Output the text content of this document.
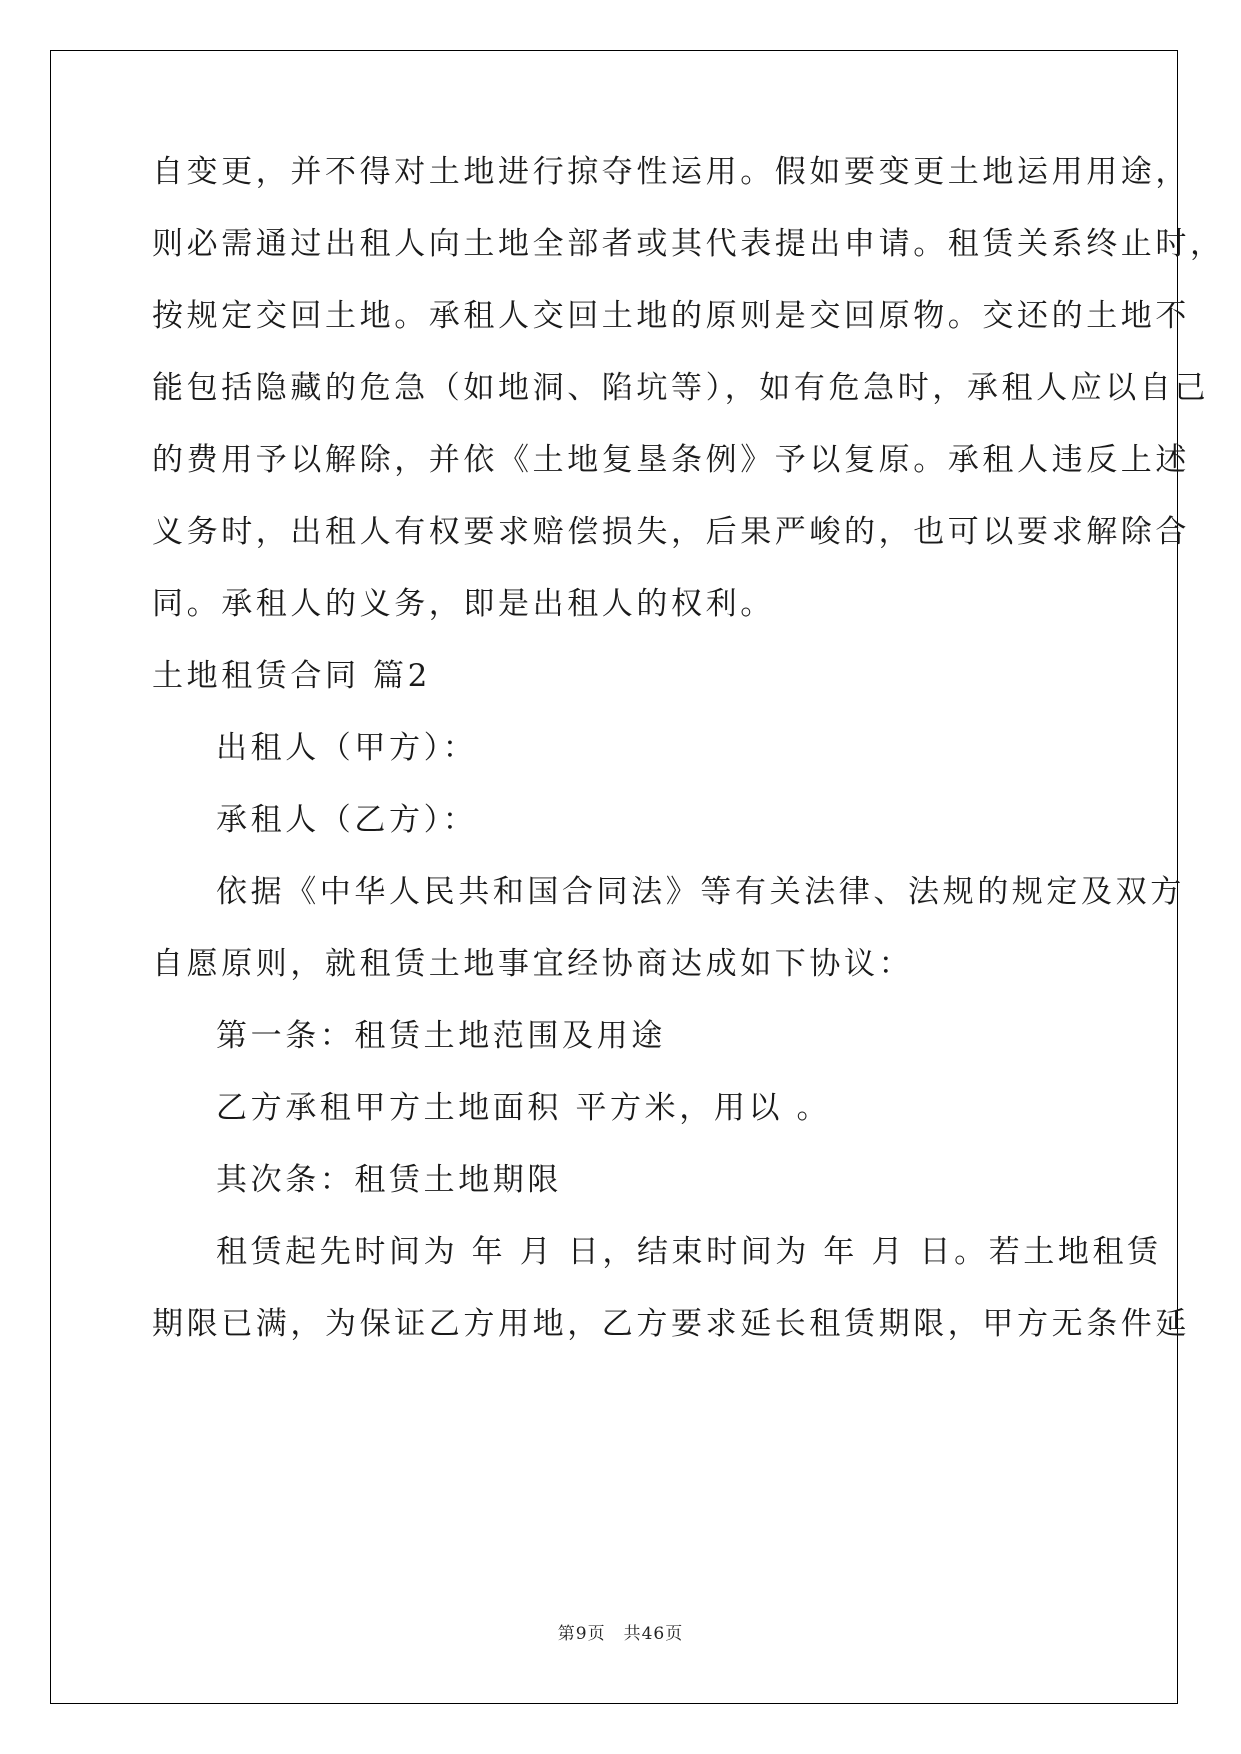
自变更，并不得对土地进行掠夺性运用。假如要变更土地运用用途，
则必需通过出租人向土地全部者或其代表提出申请。租赁关系终止时，
按规定交回土地。承租人交回土地的原则是交回原物。交还的土地不
能包括隐藏的危急（如地洞、陷坑等），如有危急时，承租人应以自己
的费用予以解除，并依《土地复垦条例》予以复原。承租人违反上述
义务时，出租人有权要求赔偿损失，后果严峻的，也可以要求解除合
同。承租人的义务，即是出租人的权利。
土地租赁合同 篇2
出租人（甲方）：
承租人（乙方）：
依据《中华人民共和国合同法》等有关法律、法规的规定及双方
自愿原则，就租赁土地事宜经协商达成如下协议：
第一条：租赁土地范围及用途
乙方承租甲方土地面积 平方米，用以 。
其次条：租赁土地期限
租赁起先时间为 年 月 日，结束时间为 年 月 日。若土地租赁
期限已满，为保证乙方用地，乙方要求延长租赁期限，甲方无条件延
第9页　共46页
